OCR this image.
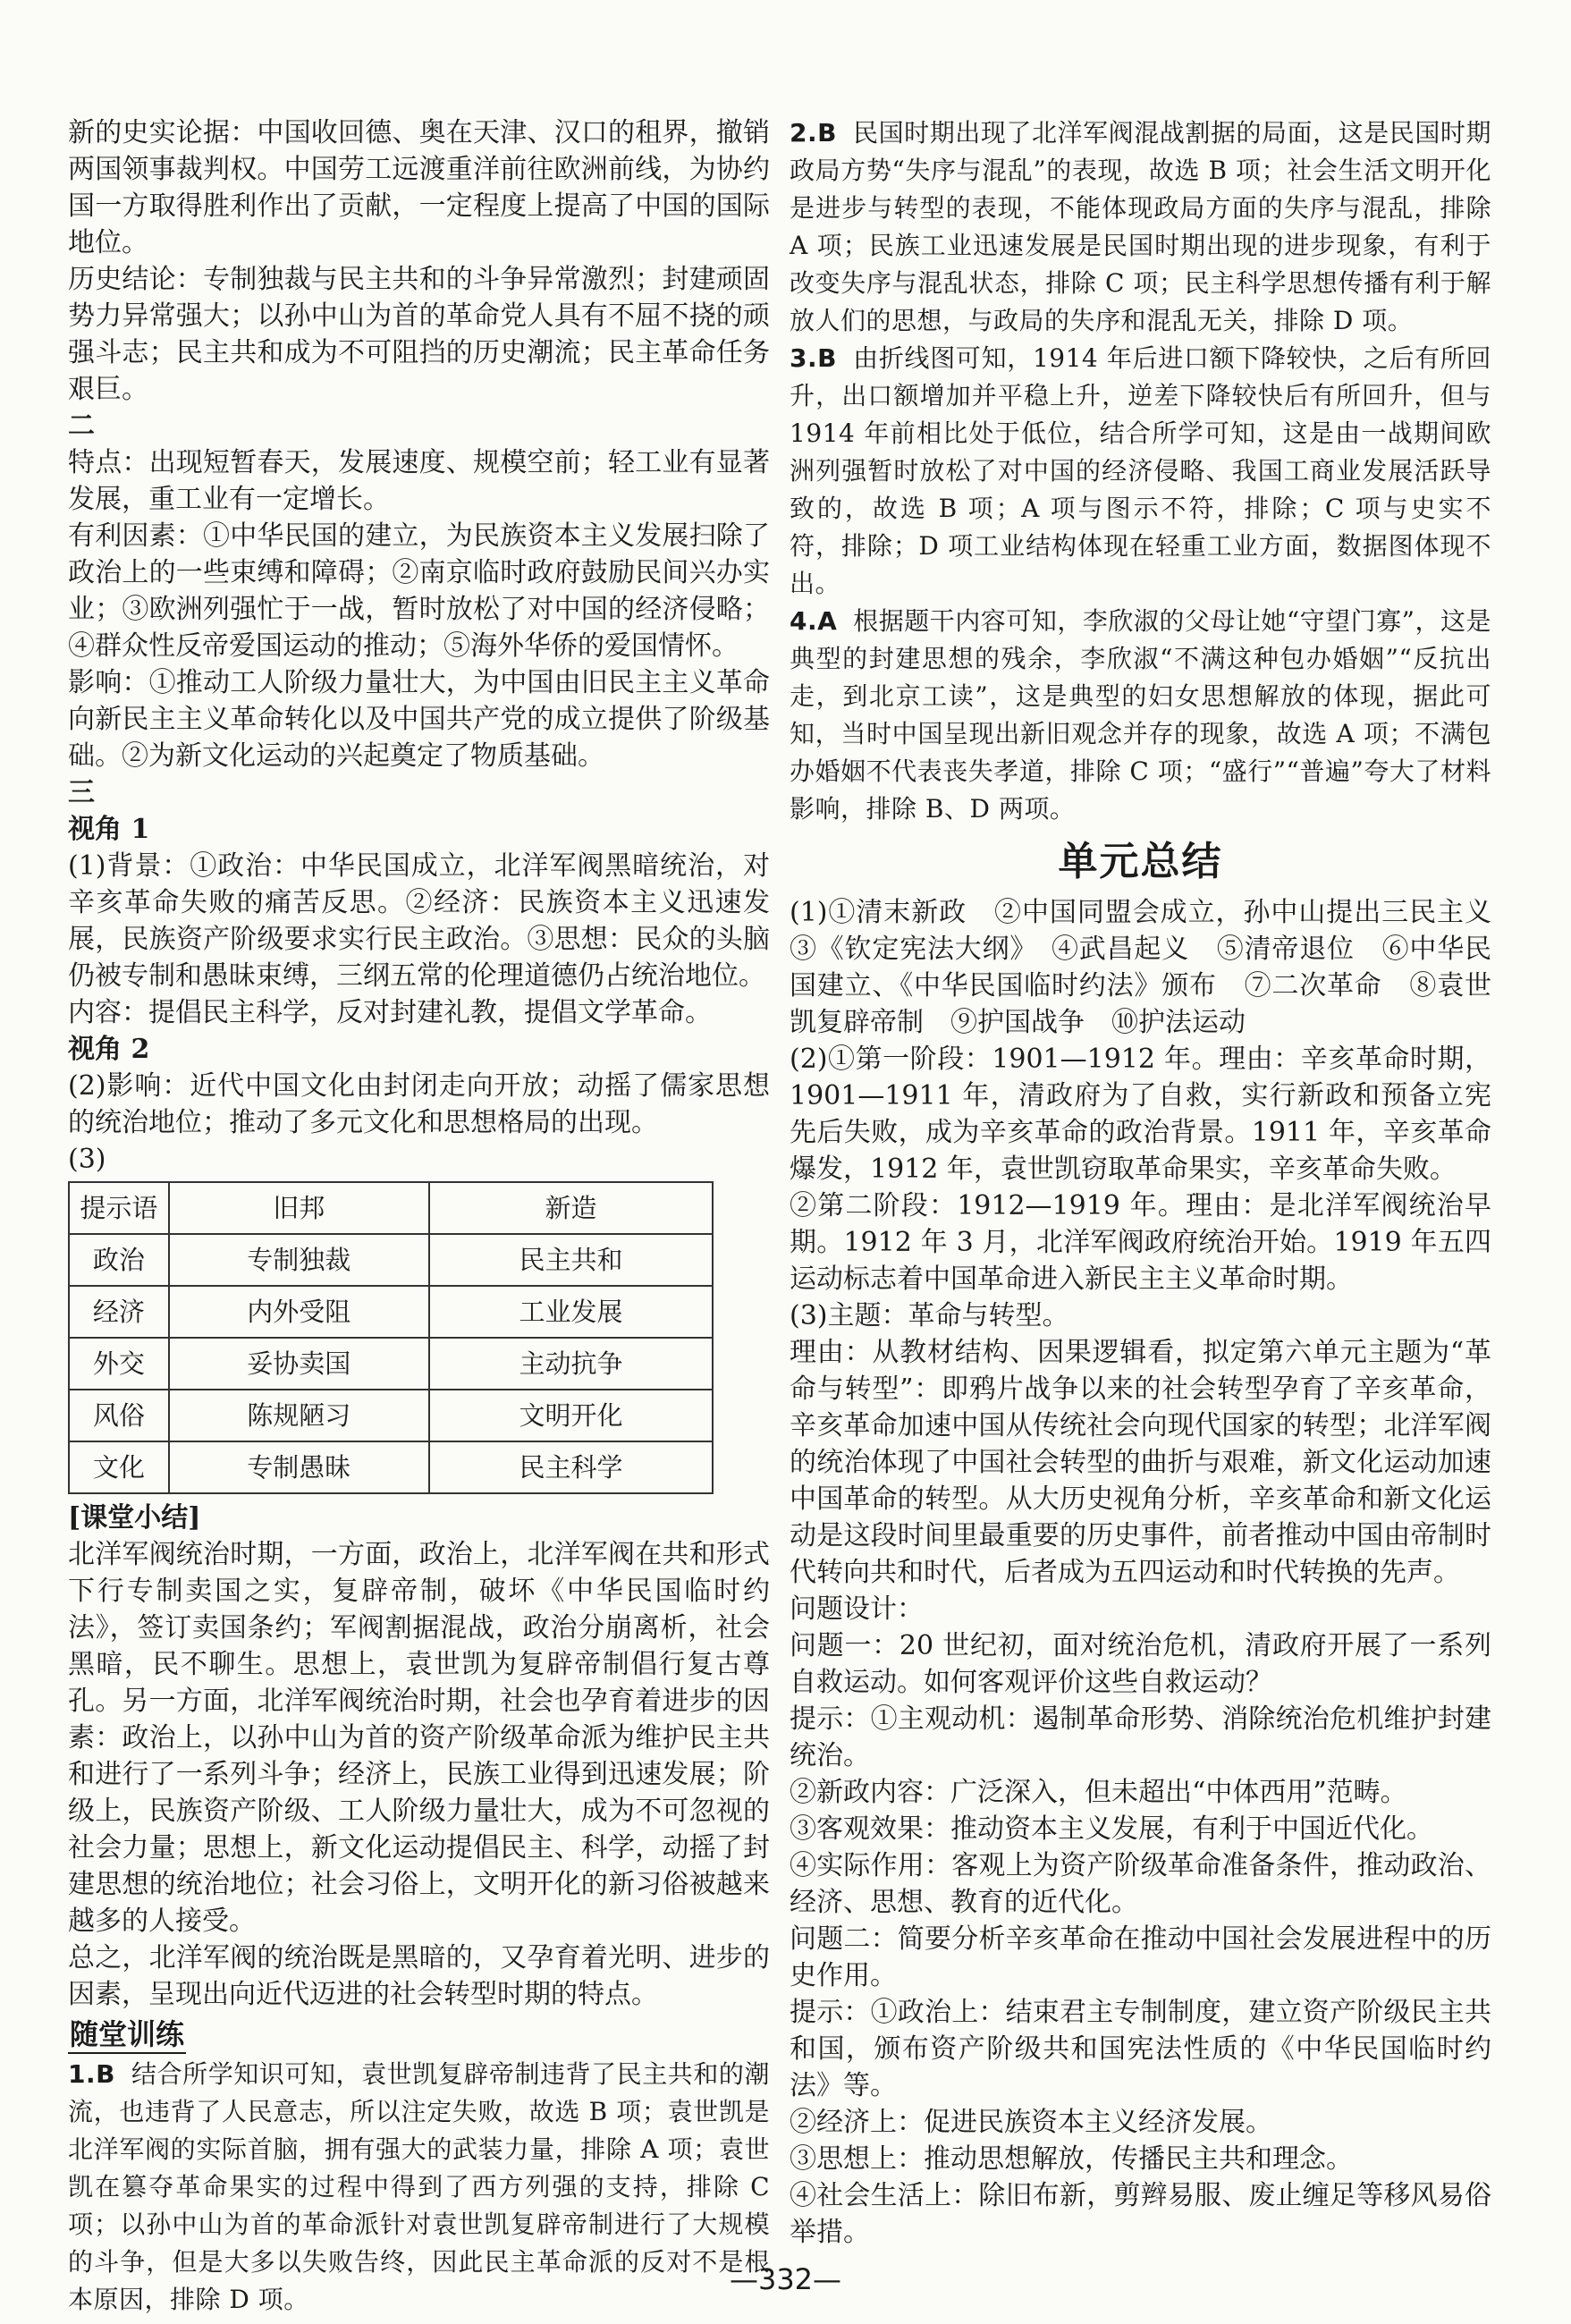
新的史实论据：中国收回德、奥在天津、汉口的租界，撤销两国领事裁判权。中国劳工远渡重洋前往欧洲前线，为协约国一方取得胜利作出了贡献，一定程度上提高了中国的国际地位。

历史结论：专制独裁与民主共和的斗争异常激烈；封建顽固势力异常强大；以孙中山为首的革命党人具有不屈不挠的顽强斗志；民主共和成为不可阻挡的历史潮流；民主革命任务艰巨。

二

特点：出现短暂春天，发展速度、规模空前；轻工业有显著发展，重工业有一定增长。

有利因素：①中华民国的建立，为民族资本主义发展扫除了政治上的一些束缚和障碍；②南京临时政府鼓励民间兴办实业；③欧洲列强忙于一战，暂时放松了对中国的经济侵略；④群众性反帝爱国运动的推动；⑤海外华侨的爱国情怀。

影响：①推动工人阶级力量壮大，为中国由旧民主主义革命向新民主主义革命转化以及中国共产党的成立提供了阶级基础。②为新文化运动的兴起奠定了物质基础。

三

视角 1

(1)背景：①政治：中华民国成立，北洋军阀黑暗统治，对辛亥革命失败的痛苦反思。②经济：民族资本主义迅速发展，民族资产阶级要求实行民主政治。③思想：民众的头脑仍被专制和愚昧束缚，三纲五常的伦理道德仍占统治地位。

内容：提倡民主科学，反对封建礼教，提倡文学革命。

视角 2

(2)影响：近代中国文化由封闭走向开放；动摇了儒家思想的统治地位；推动了多元文化和思想格局的出现。

(3)

提示语	旧邦	新造
政治	专制独裁	民主共和
经济	内外受阻	工业发展
外交	妥协卖国	主动抗争
风俗	陈规陋习	文明开化
文化	专制愚昧	民主科学

[课堂小结]

北洋军阀统治时期，一方面，政治上，北洋军阀在共和形式下行专制卖国之实，复辟帝制，破坏《中华民国临时约法》，签订卖国条约；军阀割据混战，政治分崩离析，社会黑暗，民不聊生。思想上，袁世凯为复辟帝制倡行复古尊孔。另一方面，北洋军阀统治时期，社会也孕育着进步的因素：政治上，以孙中山为首的资产阶级革命派为维护民主共和进行了一系列斗争；经济上，民族工业得到迅速发展；阶级上，民族资产阶级、工人阶级力量壮大，成为不可忽视的社会力量；思想上，新文化运动提倡民主、科学，动摇了封建思想的统治地位；社会习俗上，文明开化的新习俗被越来越多的人接受。

总之，北洋军阀的统治既是黑暗的，又孕育着光明、进步的因素，呈现出向近代迈进的社会转型时期的特点。

随堂训练

1.B 结合所学知识可知，袁世凯复辟帝制违背了民主共和的潮流，也违背了人民意志，所以注定失败，故选 B 项；袁世凯是北洋军阀的实际首脑，拥有强大的武装力量，排除 A 项；袁世凯在篡夺革命果实的过程中得到了西方列强的支持，排除 C 项；以孙中山为首的革命派针对袁世凯复辟帝制进行了大规模的斗争，但是大多以失败告终，因此民主革命派的反对不是根本原因，排除 D 项。

2.B 民国时期出现了北洋军阀混战割据的局面，这是民国时期政局方势“失序与混乱”的表现，故选 B 项；社会生活文明开化是进步与转型的表现，不能体现政局方面的失序与混乱，排除 A 项；民族工业迅速发展是民国时期出现的进步现象，有利于改变失序与混乱状态，排除 C 项；民主科学思想传播有利于解放人们的思想，与政局的失序和混乱无关，排除 D 项。

3.B 由折线图可知，1914 年后进口额下降较快，之后有所回升，出口额增加并平稳上升，逆差下降较快后有所回升，但与 1914 年前相比处于低位，结合所学可知，这是由一战期间欧洲列强暂时放松了对中国的经济侵略、我国工商业发展活跃导致的，故选 B 项；A 项与图示不符，排除；C 项与史实不符，排除；D 项工业结构体现在轻重工业方面，数据图体现不出。

4.A 根据题干内容可知，李欣淑的父母让她“守望门寡”，这是典型的封建思想的残余，李欣淑“不满这种包办婚姻”“反抗出走，到北京工读”，这是典型的妇女思想解放的体现，据此可知，当时中国呈现出新旧观念并存的现象，故选 A 项；不满包办婚姻不代表丧失孝道，排除 C 项；“盛行”“普遍”夸大了材料影响，排除 B、D 两项。

单元总结

(1)①清末新政　②中国同盟会成立，孙中山提出三民主义　③《钦定宪法大纲》　④武昌起义　⑤清帝退位　⑥中华民国建立、《中华民国临时约法》颁布　⑦二次革命　⑧袁世凯复辟帝制　⑨护国战争　⑩护法运动

(2)①第一阶段：1901—1912 年。理由：辛亥革命时期，1901—1911 年，清政府为了自救，实行新政和预备立宪先后失败，成为辛亥革命的政治背景。1911 年，辛亥革命爆发，1912 年，袁世凯窃取革命果实，辛亥革命失败。

②第二阶段：1912—1919 年。理由：是北洋军阀统治早期。1912 年 3 月，北洋军阀政府统治开始。1919 年五四运动标志着中国革命进入新民主主义革命时期。

(3)主题：革命与转型。

理由：从教材结构、因果逻辑看，拟定第六单元主题为“革命与转型”：即鸦片战争以来的社会转型孕育了辛亥革命，辛亥革命加速中国从传统社会向现代国家的转型；北洋军阀的统治体现了中国社会转型的曲折与艰难，新文化运动加速中国革命的转型。从大历史视角分析，辛亥革命和新文化运动是这段时间里最重要的历史事件，前者推动中国由帝制时代转向共和时代，后者成为五四运动和时代转换的先声。

问题设计：

问题一：20 世纪初，面对统治危机，清政府开展了一系列自救运动。如何客观评价这些自救运动？

提示：①主观动机：遏制革命形势、消除统治危机维护封建统治。

②新政内容：广泛深入，但未超出“中体西用”范畴。

③客观效果：推动资本主义发展，有利于中国近代化。

④实际作用：客观上为资产阶级革命准备条件，推动政治、经济、思想、教育的近代化。

问题二：简要分析辛亥革命在推动中国社会发展进程中的历史作用。

提示：①政治上：结束君主专制制度，建立资产阶级民主共和国，颁布资产阶级共和国宪法性质的《中华民国临时约法》等。

②经济上：促进民族资本主义经济发展。

③思想上：推动思想解放，传播民主共和理念。

④社会生活上：除旧布新，剪辫易服、废止缠足等移风易俗举措。

—332—
